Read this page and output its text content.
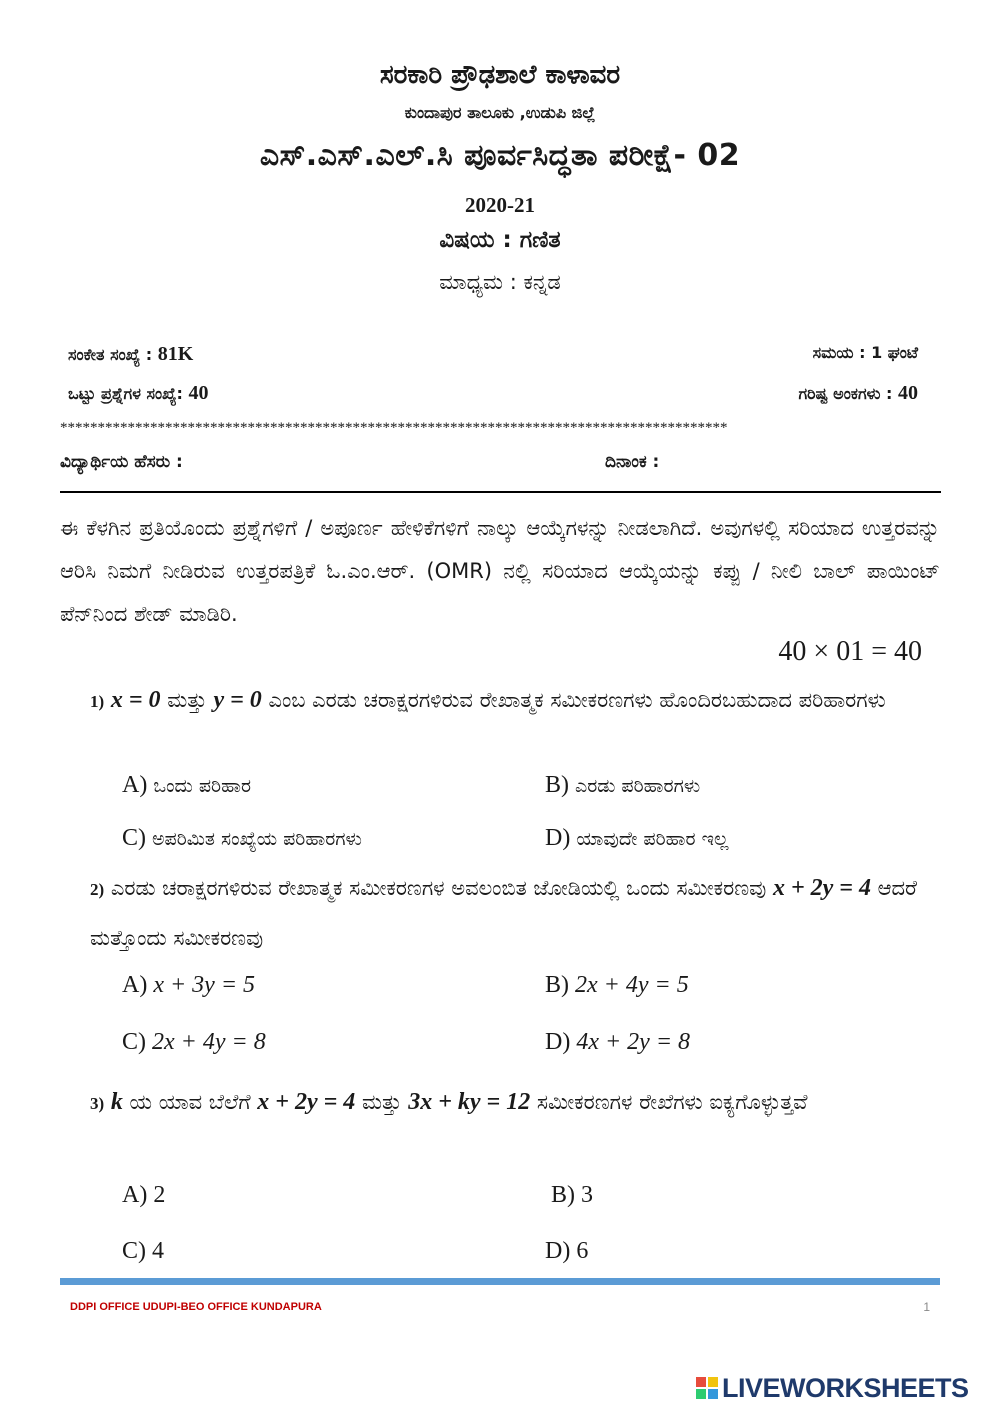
ಸರಕಾರಿ ಪ್ರೌಢಶಾಲೆ ಕಾಳಾವರ
ಕುಂದಾಪುರ ತಾಲೂಕು ,ಉಡುಪಿ ಜಿಲ್ಲೆ
ಎಸ್.ಎಸ್.ಎಲ್.ಸಿ ಪೂರ್ವಸಿದ್ಧತಾ ಪರೀಕ್ಷೆ- 02
2020-21
ವಿಷಯ : ಗಣಿತ
ಮಾಧ್ಯಮ : ಕನ್ನಡ
ಸಂಕೇತ ಸಂಖ್ಯೆ : 81K	ಸಮಯ : 1 ಘಂಟೆ
ಒಟ್ಟು ಪ್ರಶ್ನೆಗಳ ಸಂಖ್ಯೆ: 40	ಗರಿಷ್ಟ ಅಂಕಗಳು : 40
*****************************************************************************************
ವಿದ್ಯಾರ್ಥಿಯ ಹೆಸರು :	ದಿನಾಂಕ :
ಈ ಕೆಳಗಿನ ಪ್ರತಿಯೊಂದು ಪ್ರಶ್ನೆಗಳಿಗೆ / ಅಪೂರ್ಣ ಹೇಳಿಕೆಗಳಿಗೆ ನಾಲ್ಕು ಆಯ್ಕೆಗಳನ್ನು ನೀಡಲಾಗಿದೆ. ಅವುಗಳಲ್ಲಿ ಸರಿಯಾದ ಉತ್ತರವನ್ನು ಆರಿಸಿ ನಿಮಗೆ ನೀಡಿರುವ ಉತ್ತರಪತ್ರಿಕೆ ಓ.ಎಂ.ಆರ್. (OMR) ನಲ್ಲಿ ಸರಿಯಾದ ಆಯ್ಕೆಯನ್ನು ಕಪ್ಪು / ನೀಲಿ ಬಾಲ್ ಪಾಯಿಂಟ್ ಪೆನ್‌ನಿಂದ ಶೇಡ್ ಮಾಡಿರಿ.
40 × 01 = 40
1) x = 0 ಮತ್ತು y = 0 ಎಂಬ ಎರಡು ಚರಾಕ್ಷರಗಳಿರುವ ರೇಖಾತ್ಮಕ ಸಮೀಕರಣಗಳು ಹೊಂದಿರಬಹುದಾದ ಪರಿಹಾರಗಳು
A) ಒಂದು ಪರಿಹಾರ	B) ಎರಡು ಪರಿಹಾರಗಳು
C) ಅಪರಿಮಿತ ಸಂಖ್ಯೆಯ ಪರಿಹಾರಗಳು	D) ಯಾವುದೇ ಪರಿಹಾರ ಇಲ್ಲ
2) ಎರಡು ಚರಾಕ್ಷರಗಳಿರುವ ರೇಖಾತ್ಮಕ ಸಮೀಕರಣಗಳ ಅವಲಂಬಿತ ಜೋಡಿಯಲ್ಲಿ ಒಂದು ಸಮೀಕರಣವು x + 2y = 4 ಆದರೆ ಮತ್ತೊಂದು ಸಮೀಕರಣವು
A) x + 3y = 5	B) 2x + 4y = 5
C) 2x + 4y = 8	D) 4x + 2y = 8
3) k ಯ ಯಾವ ಬೆಲೆಗೆ x + 2y = 4 ಮತ್ತು 3x + ky = 12 ಸಮೀಕರಣಗಳ ರೇಖೆಗಳು ಐಕ್ಯಗೊಳ್ಳುತ್ತವೆ
A) 2	B) 3
C) 4	D) 6
DDPI OFFICE UDUPI-BEO OFFICE KUNDAPURA	1
LIVEWORKSHEETS
